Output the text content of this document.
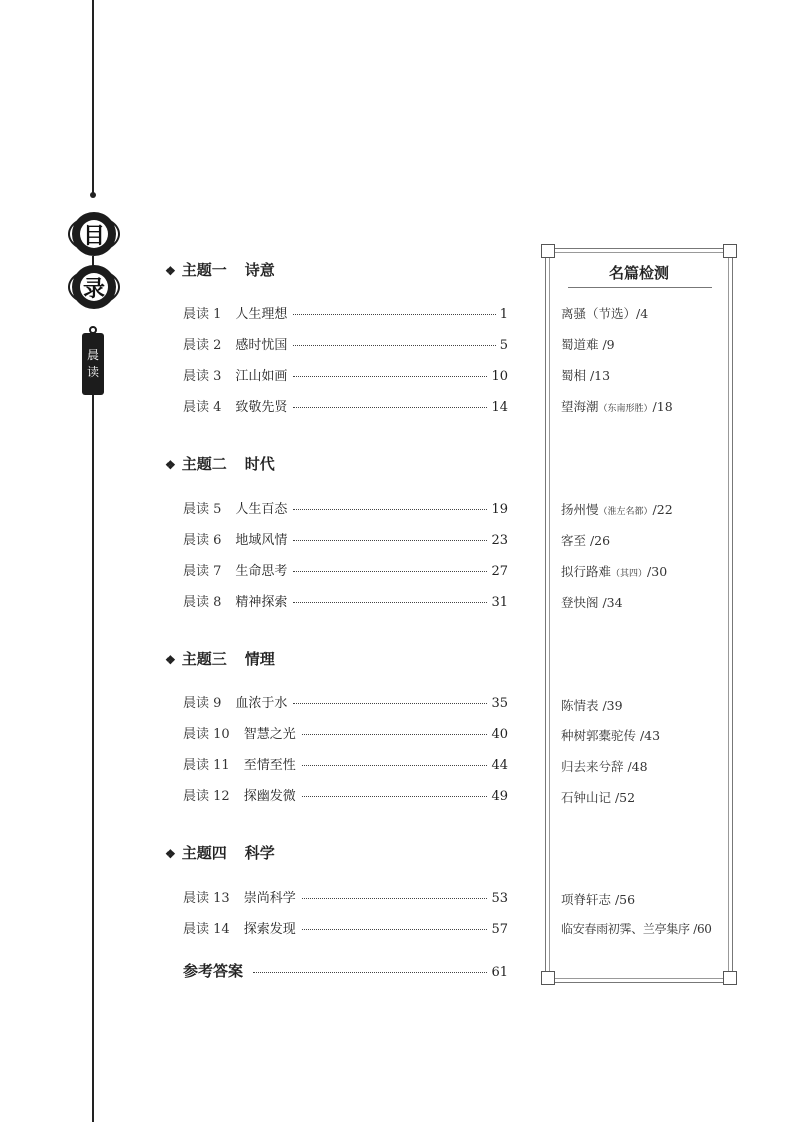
目
录
晨
读
❖ 主题一 诗意
❖ 主题二 时代
❖ 主题三 情理
❖ 主题四 科学
晨读 1 人生理想	1
晨读 2 感时忧国	5
晨读 3 江山如画	10
晨读 4 致敬先贤	14
晨读 5 人生百态	19
晨读 6 地域风情	23
晨读 7 生命思考	27
晨读 8 精神探索	31
晨读 9 血浓于水	35
晨读 10 智慧之光	40
晨读 11 至情至性	44
晨读 12 探幽发微	49
晨读 13 崇尚科学	53
晨读 14 探索发现	57
参考答案	61
名篇检测
离骚（节选）/4
蜀道难 /9
蜀相 /13
望海潮（东南形胜）/18
扬州慢（淮左名都）/22
客至 /26
拟行路难（其四）/30
登快阁 /34
陈情表 /39
种树郭橐驼传 /43
归去来兮辞 /48
石钟山记 /52
项脊轩志 /56
临安春雨初霁、兰亭集序 /60
